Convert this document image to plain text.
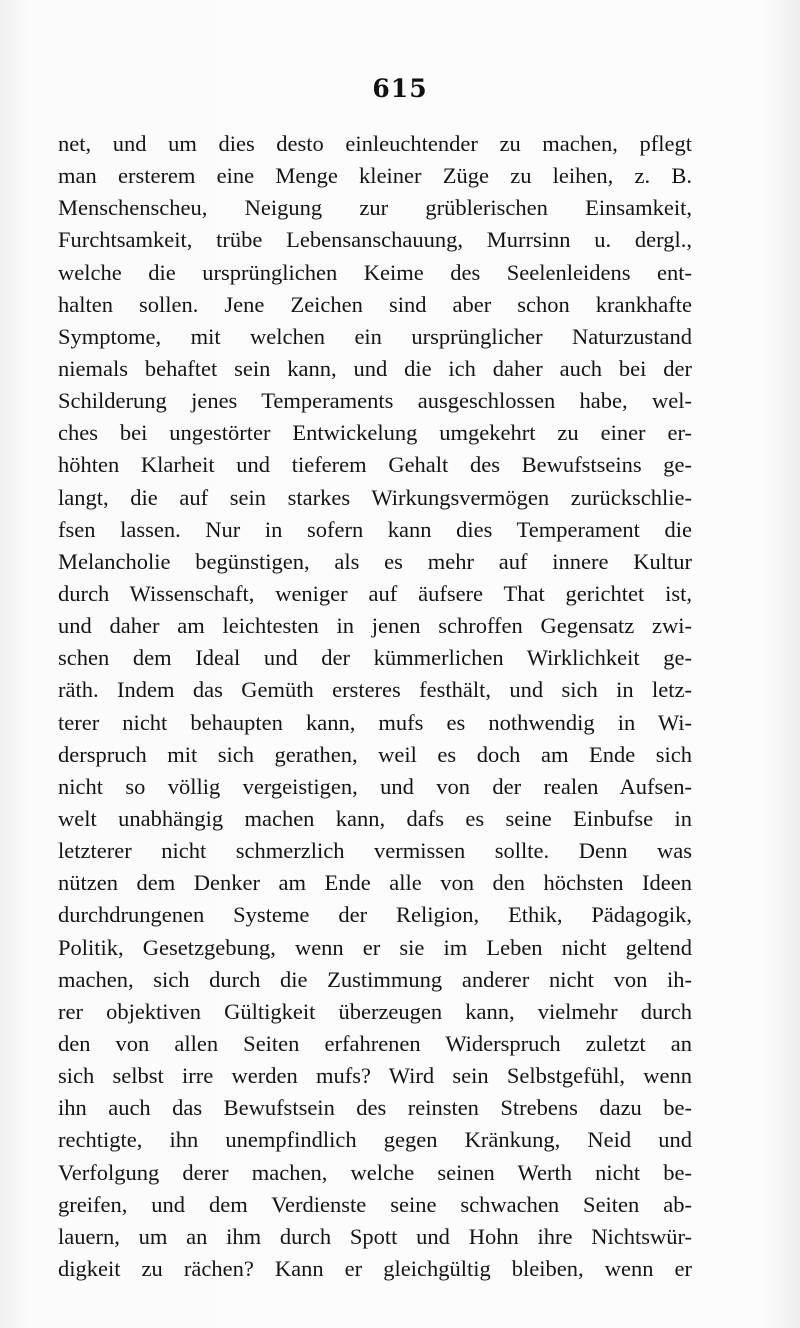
615
net, und um dies desto einleuchtender zu machen, pflegt
man ersterem eine Menge kleiner Züge zu leihen, z. B.
Menschenscheu, Neigung zur grüblerischen Einsamkeit,
Furchtsamkeit, trübe Lebensanschauung, Murrsinn u. dergl.,
welche die ursprünglichen Keime des Seelenleidens ent-
halten sollen. Jene Zeichen sind aber schon krankhafte
Symptome, mit welchen ein ursprünglicher Naturzustand
niemals behaftet sein kann, und die ich daher auch bei der
Schilderung jenes Temperaments ausgeschlossen habe, wel-
ches bei ungestörter Entwickelung umgekehrt zu einer er-
höhten Klarheit und tieferem Gehalt des Bewufstseins ge-
langt, die auf sein starkes Wirkungsvermögen zurückschlie-
fsen lassen. Nur in sofern kann dies Temperament die
Melancholie begünstigen, als es mehr auf innere Kultur
durch Wissenschaft, weniger auf äufsere That gerichtet ist,
und daher am leichtesten in jenen schroffen Gegensatz zwi-
schen dem Ideal und der kümmerlichen Wirklichkeit ge-
räth. Indem das Gemüth ersteres festhält, und sich in letz-
terer nicht behaupten kann, mufs es nothwendig in Wi-
derspruch mit sich gerathen, weil es doch am Ende sich
nicht so völlig vergeistigen, und von der realen Aufsen-
welt unabhängig machen kann, dafs es seine Einbufse in
letzterer nicht schmerzlich vermissen sollte. Denn was
nützen dem Denker am Ende alle von den höchsten Ideen
durchdrungenen Systeme der Religion, Ethik, Pädagogik,
Politik, Gesetzgebung, wenn er sie im Leben nicht geltend
machen, sich durch die Zustimmung anderer nicht von ih-
rer objektiven Gültigkeit überzeugen kann, vielmehr durch
den von allen Seiten erfahrenen Widerspruch zuletzt an
sich selbst irre werden mufs? Wird sein Selbstgefühl, wenn
ihn auch das Bewufstsein des reinsten Strebens dazu be-
rechtigte, ihn unempfindlich gegen Kränkung, Neid und
Verfolgung derer machen, welche seinen Werth nicht be-
greifen, und dem Verdienste seine schwachen Seiten ab-
lauern, um an ihm durch Spott und Hohn ihre Nichtswür-
digkeit zu rächen? Kann er gleichgültig bleiben, wenn er
